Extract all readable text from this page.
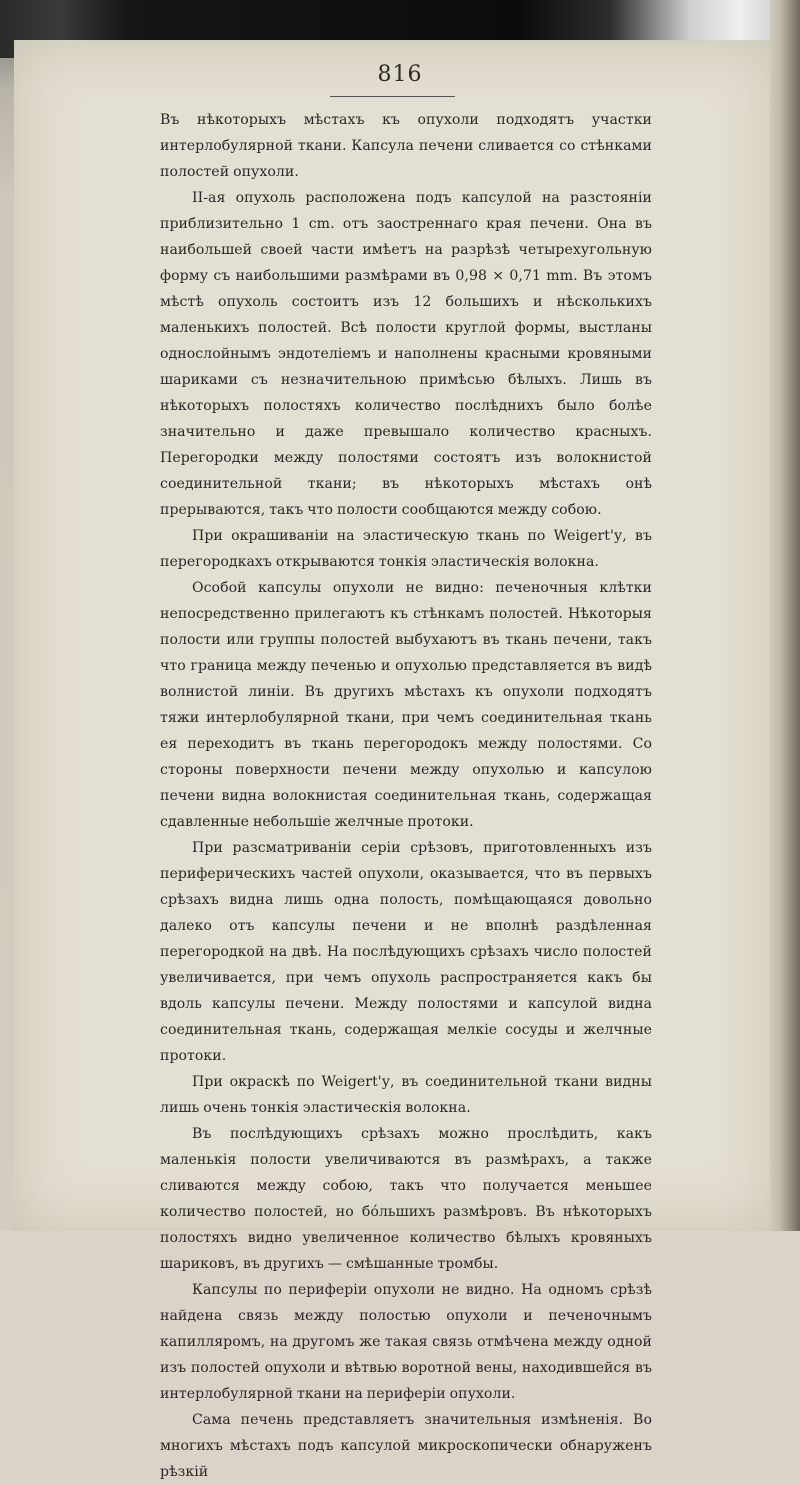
816

Въ нѣкоторыхъ мѣстахъ къ опухоли подходятъ участки интерлобулярной ткани. Капсула печени сливается со стѣнками полостей опухоли.

II-ая опухоль расположена подъ капсулой на разстояніи приблизительно 1 cm. отъ заостреннаго края печени. Она въ наибольшей своей части имѣетъ на разрѣзѣ четырехугольную форму съ наибольшими размѣрами въ 0,98 × 0,71 mm. Въ этомъ мѣстѣ опухоль состоитъ изъ 12 большихъ и нѣсколькихъ маленькихъ полостей. Всѣ полости круглой формы, выстланы однослойнымъ эндотеліемъ и наполнены красными кровяными шариками съ незначительною примѣсью бѣлыхъ. Лишь въ нѣкоторыхъ полостяхъ количество послѣднихъ было болѣе значительно и даже превышало количество красныхъ. Перегородки между полостями состоятъ изъ волокнистой соединительной ткани; въ нѣкоторыхъ мѣстахъ онѣ прерываются, такъ что полости сообщаются между собою.

При окрашиваніи на эластическую ткань по Weigert'у, въ перегородкахъ открываются тонкія эластическія волокна.

Особой капсулы опухоли не видно: печеночныя клѣтки непосредственно прилегаютъ къ стѣнкамъ полостей. Нѣкоторыя полости или группы полостей выбухаютъ въ ткань печени, такъ что граница между печенью и опухолью представляется въ видѣ волнистой линіи. Въ другихъ мѣстахъ къ опухоли подходятъ тяжи интерлобулярной ткани, при чемъ соединительная ткань ея переходитъ въ ткань перегородокъ между полостями. Со стороны поверхности печени между опухолью и капсулою печени видна волокнистая соединительная ткань, содержащая сдавленные небольшіе желчные протоки.

При разсматриваніи серіи срѣзовъ, приготовленныхъ изъ периферическихъ частей опухоли, оказывается, что въ первыхъ срѣзахъ видна лишь одна полость, помѣщающаяся довольно далеко отъ капсулы печени и не вполнѣ раздѣленная перегородкой на двѣ. На послѣдующихъ срѣзахъ число полостей увеличивается, при чемъ опухоль распространяется какъ бы вдоль капсулы печени. Между полостями и капсулой видна соединительная ткань, содержащая мелкіе сосуды и желчные протоки.

При окраскѣ по Weigert'у, въ соединительной ткани видны лишь очень тонкія эластическія волокна.

Въ послѣдующихъ срѣзахъ можно прослѣдить, какъ маленькія полости увеличиваются въ размѣрахъ, а также сливаются между собою, такъ что получается меньшее количество полостей, но бóльшихъ размѣровъ. Въ нѣкоторыхъ полостяхъ видно увеличенное количество бѣлыхъ кровяныхъ шариковъ, въ другихъ — смѣшанные тромбы.

Капсулы по периферіи опухоли не видно. На одномъ срѣзѣ найдена связь между полостью опухоли и печеночнымъ капилляромъ, на другомъ же такая связь отмѣчена между одной изъ полостей опухоли и вѣтвью воротной вены, находившейся въ интерлобулярной ткани на периферіи опухоли.

Сама печень представляетъ значительныя измѣненія. Во многихъ мѣстахъ подъ капсулой микроскопически обнаруженъ рѣзкій
